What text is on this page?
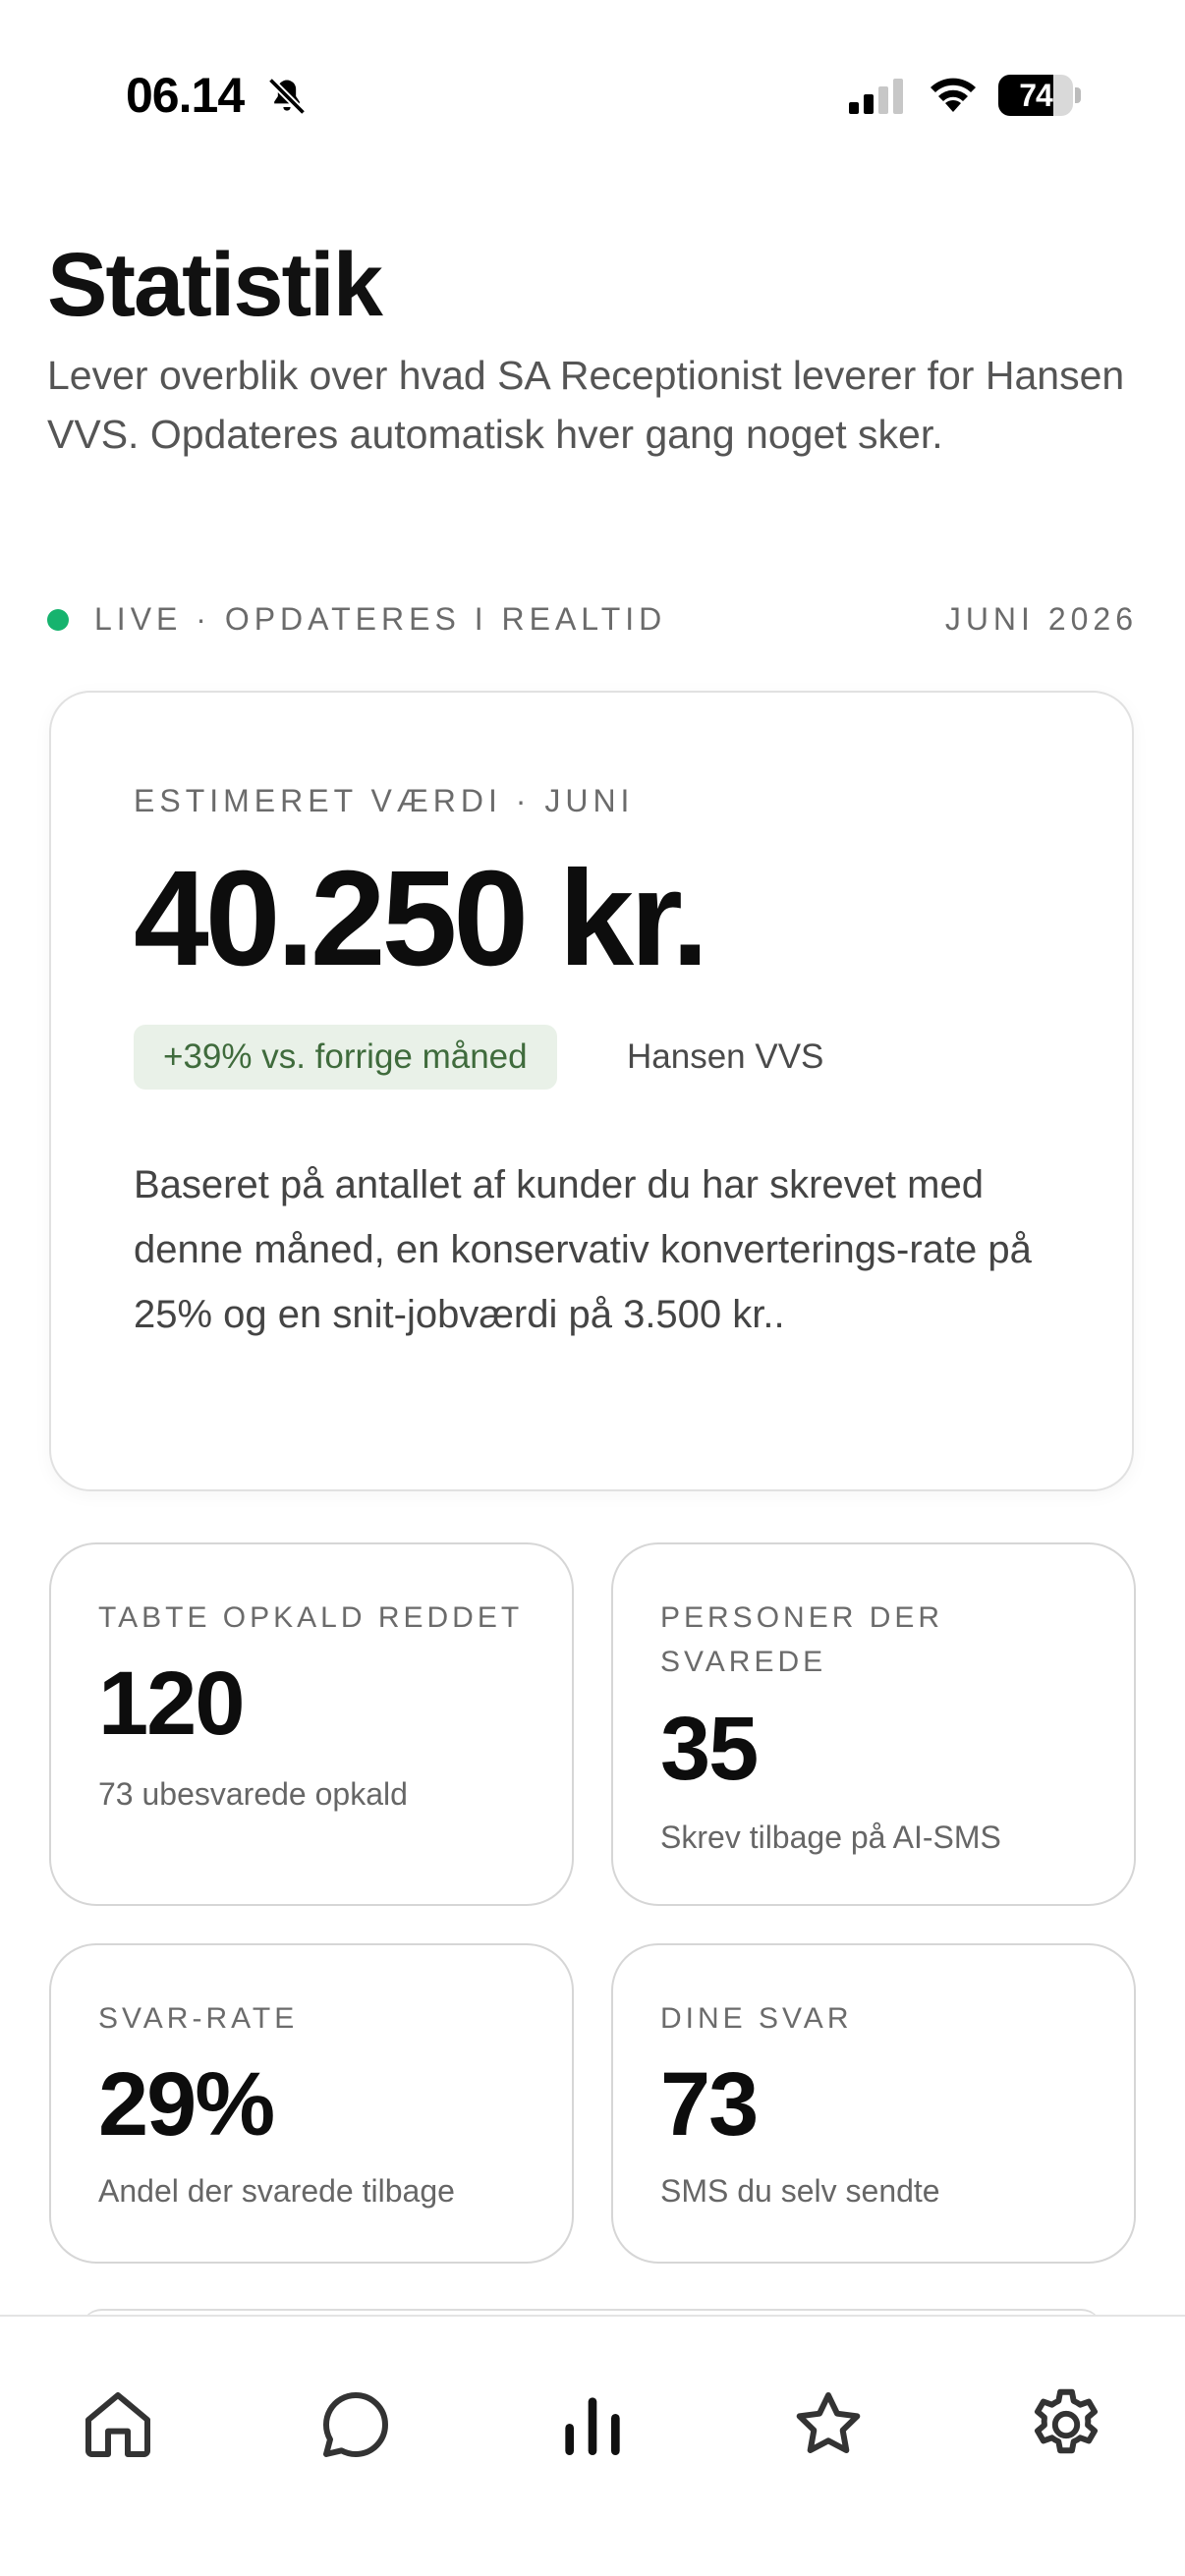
06.14	74
Statistik

Lever overblik over hvad SA Receptionist leverer for Hansen VVS. Opdateres automatisk hver gang noget sker.

LIVE · OPDATERES I REALTID	JUNI 2026
ESTIMERET VÆRDI · JUNI
40.250 kr.
+39% vs. forrige måned	Hansen VVS

Baseret på antallet af kunder du har skrevet med denne måned, en konservativ konverterings-rate på 25% og en snit-jobværdi på 3.500 kr..

TABTE OPKALD REDDET
120
73 ubesvarede opkald
PERSONER DER SVAREDE
35
Skrev tilbage på AI-SMS
SVAR-RATE
29%
Andel der svarede tilbage
DINE SVAR
73
SMS du selv sendte
